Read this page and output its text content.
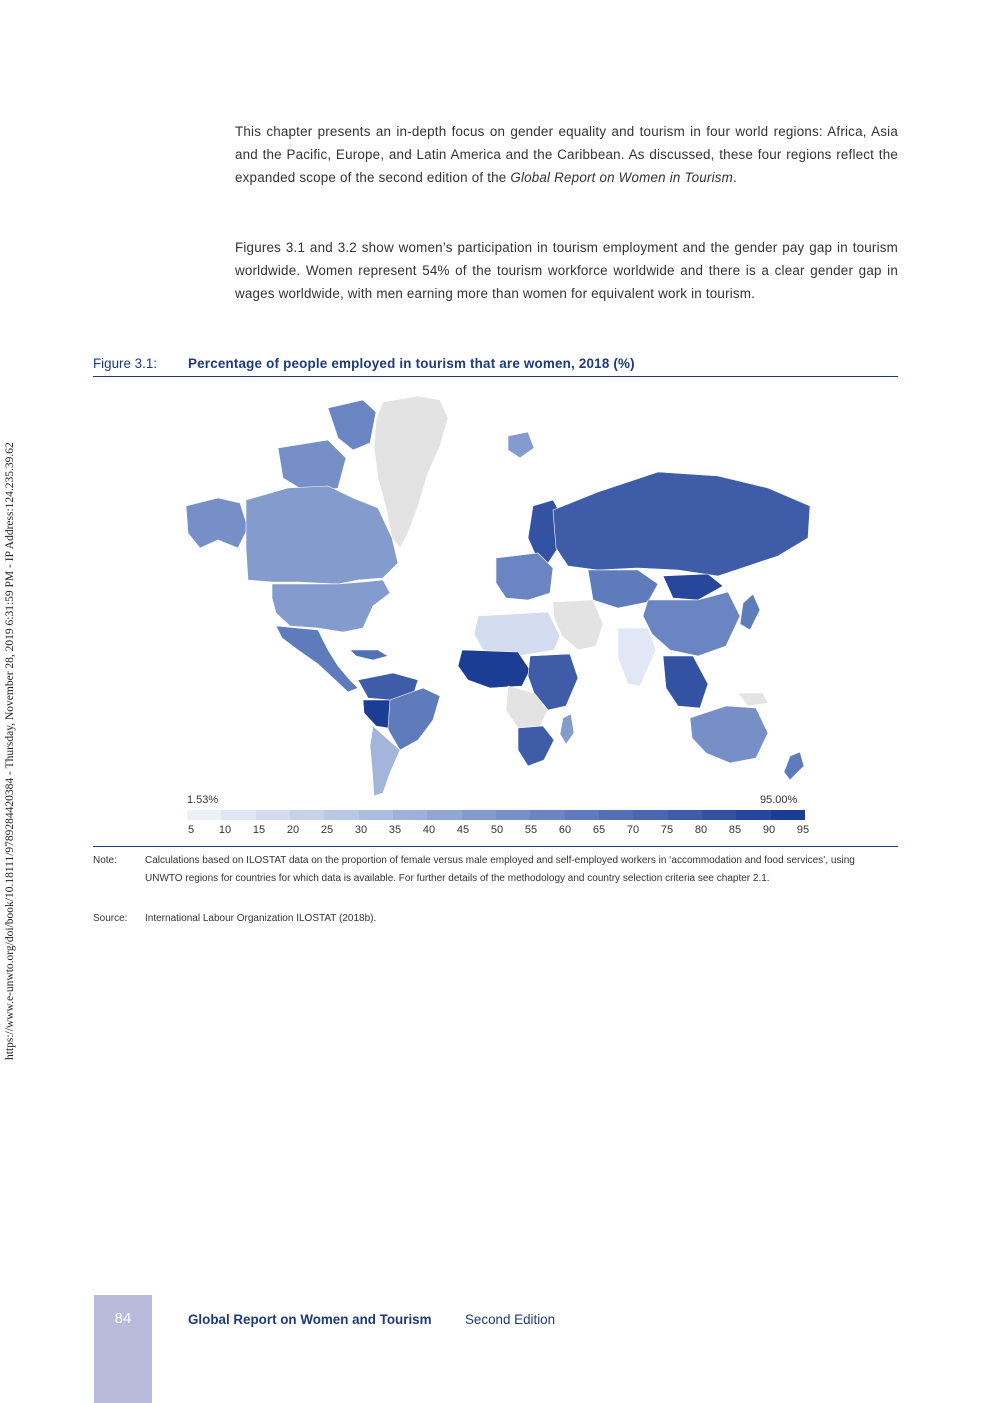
https://www.e-unwto.org/doi/book/10.18111/9789284420384 - Thursday, November 28, 2019 6:31:59 PM - IP Address:124.235.39.62

This chapter presents an in-depth focus on gender equality and tourism in four world regions: Africa, Asia and the Pacific, Europe, and Latin America and the Caribbean. As discussed, these four regions reflect the expanded scope of the second edition of the Global Report on Women in Tourism.

Figures 3.1 and 3.2 show women’s participation in tourism employment and the gender pay gap in tourism worldwide. Women represent 54% of the tourism workforce worldwide and there is a clear gender gap in wages worldwide, with men earning more than women for equivalent work in tourism.

Figure 3.1: Percentage of people employed in tourism that are women, 2018 (%)
1.53%	95.00%
5 10 15 20 25 30 35 40 45 50 55 60 65 70 75 80 85 90 95
Note:	Calculations based on ILOSTAT data on the proportion of female versus male employed and self-employed workers in ‘accommodation and food services’, using UNWTO regions for countries for which data is available. For further details of the methodology and country selection criteria see chapter 2.1.
Source: International Labour Organization ILOSTAT (2018b).
84	Global Report on Women and Tourism Second Edition
